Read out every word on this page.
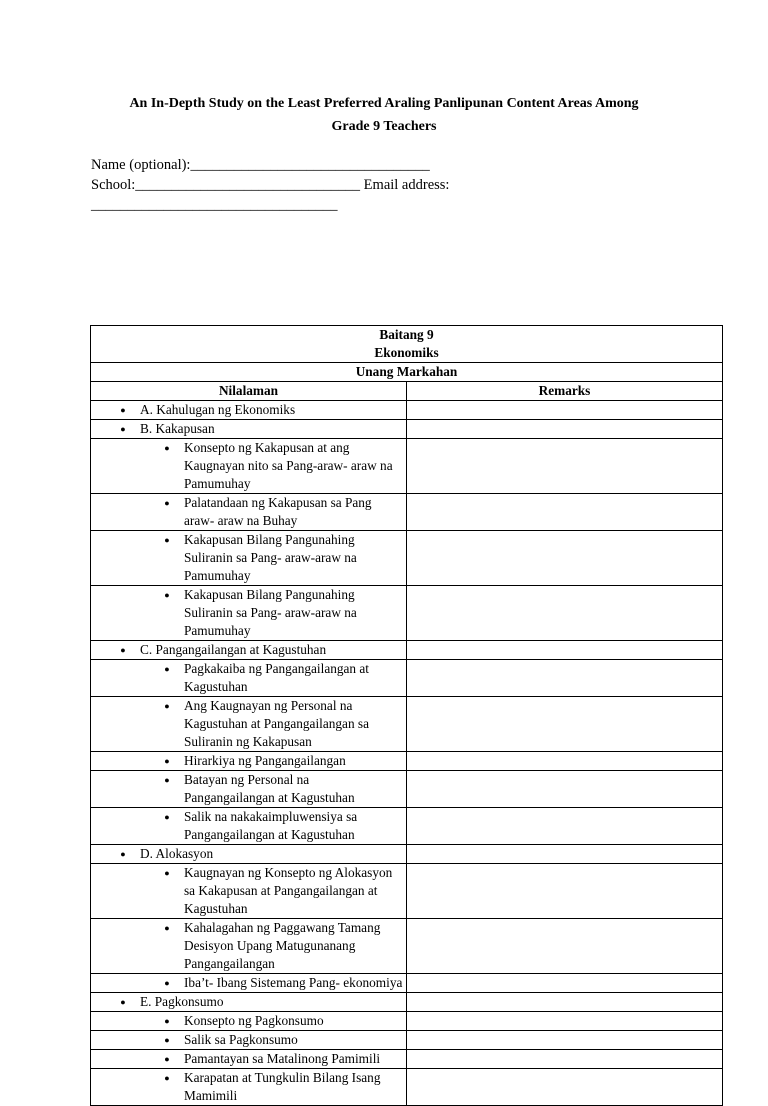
An In-Depth Study on the Least Preferred Araling Panlipunan Content Areas Among
Grade 9 Teachers
Name (optional):_________________________________
School:_______________________________ Email address:
__________________________________
Baitang 9
Ekonomiks	

Unang Markahan	
Nilalaman	Remarks

● A. Kahulugan ng Ekonomiks	

● B. Kakapusan	

● Konsepto ng Kakapusan at ang Kaugnayan nito sa Pang-araw- araw na Pamumuhay	

● Palatandaan ng Kakapusan sa Pang araw- araw na Buhay	

● Kakapusan Bilang Pangunahing Suliranin sa Pang- araw-araw na Pamumuhay	

● Kakapusan Bilang Pangunahing Suliranin sa Pang- araw-araw na Pamumuhay	

● C. Pangangailangan at Kagustuhan	

● Pagkakaiba ng Pangangailangan at Kagustuhan	

● Ang Kaugnayan ng Personal na Kagustuhan at Pangangailangan sa Suliranin ng Kakapusan	

● Hirarkiya ng Pangangailangan	

● Batayan ng Personal na Pangangailangan at Kagustuhan	

● Salik na nakakaimpluwensiya sa Pangangailangan at Kagustuhan	

● D. Alokasyon	

● Kaugnayan ng Konsepto ng Alokasyon sa Kakapusan at Pangangailangan at Kagustuhan	

● Kahalagahan ng Paggawang Tamang Desisyon Upang Matugunanang Pangangailangan	

● Iba’t- Ibang Sistemang Pang- ekonomiya	

● E. Pagkonsumo	

● Konsepto ng Pagkonsumo	

● Salik sa Pagkonsumo	

● Pamantayan sa Matalinong Pamimili	

● Karapatan at Tungkulin Bilang Isang Mamimili	
